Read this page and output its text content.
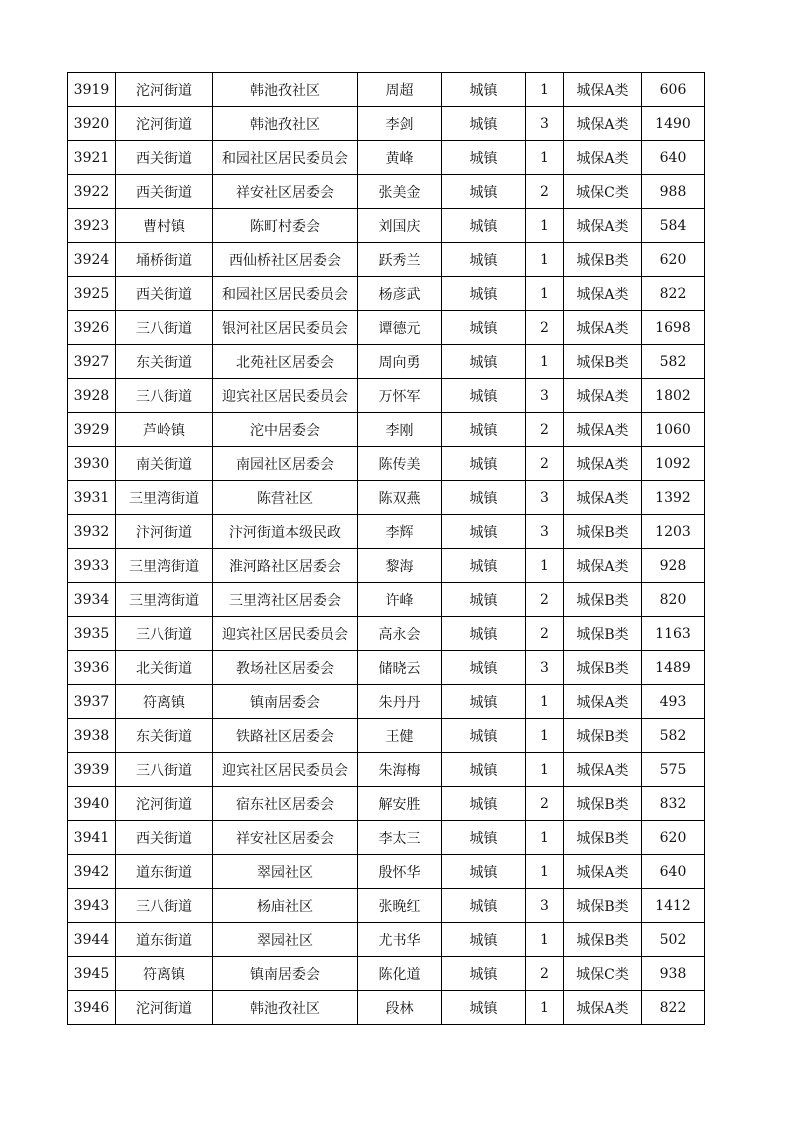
3919	沱河街道	韩池孜社区	周超	城镇	1	城保A类	606
3920	沱河街道	韩池孜社区	李剑	城镇	3	城保A类	1490
3921	西关街道	和园社区居民委员会	黄峰	城镇	1	城保A类	640
3922	西关街道	祥安社区居委会	张美金	城镇	2	城保C类	988
3923	曹村镇	陈町村委会	刘国庆	城镇	1	城保A类	584
3924	埇桥街道	西仙桥社区居委会	跃秀兰	城镇	1	城保B类	620
3925	西关街道	和园社区居民委员会	杨彦武	城镇	1	城保A类	822
3926	三八街道	银河社区居民委员会	谭德元	城镇	2	城保A类	1698
3927	东关街道	北苑社区居委会	周向勇	城镇	1	城保B类	582
3928	三八街道	迎宾社区居民委员会	万怀军	城镇	3	城保A类	1802
3929	芦岭镇	沱中居委会	李刚	城镇	2	城保A类	1060
3930	南关街道	南园社区居委会	陈传美	城镇	2	城保A类	1092
3931	三里湾街道	陈营社区	陈双燕	城镇	3	城保A类	1392
3932	汴河街道	汴河街道本级民政	李辉	城镇	3	城保B类	1203
3933	三里湾街道	淮河路社区居委会	黎海	城镇	1	城保A类	928
3934	三里湾街道	三里湾社区居委会	许峰	城镇	2	城保B类	820
3935	三八街道	迎宾社区居民委员会	高永会	城镇	2	城保B类	1163
3936	北关街道	教场社区居委会	储晓云	城镇	3	城保B类	1489
3937	符离镇	镇南居委会	朱丹丹	城镇	1	城保A类	493
3938	东关街道	铁路社区居委会	王健	城镇	1	城保B类	582
3939	三八街道	迎宾社区居民委员会	朱海梅	城镇	1	城保A类	575
3940	沱河街道	宿东社区居委会	解安胜	城镇	2	城保B类	832
3941	西关街道	祥安社区居委会	李太三	城镇	1	城保B类	620
3942	道东街道	翠园社区	殷怀华	城镇	1	城保A类	640
3943	三八街道	杨庙社区	张晚红	城镇	3	城保B类	1412
3944	道东街道	翠园社区	尤书华	城镇	1	城保B类	502
3945	符离镇	镇南居委会	陈化道	城镇	2	城保C类	938
3946	沱河街道	韩池孜社区	段林	城镇	1	城保A类	822
